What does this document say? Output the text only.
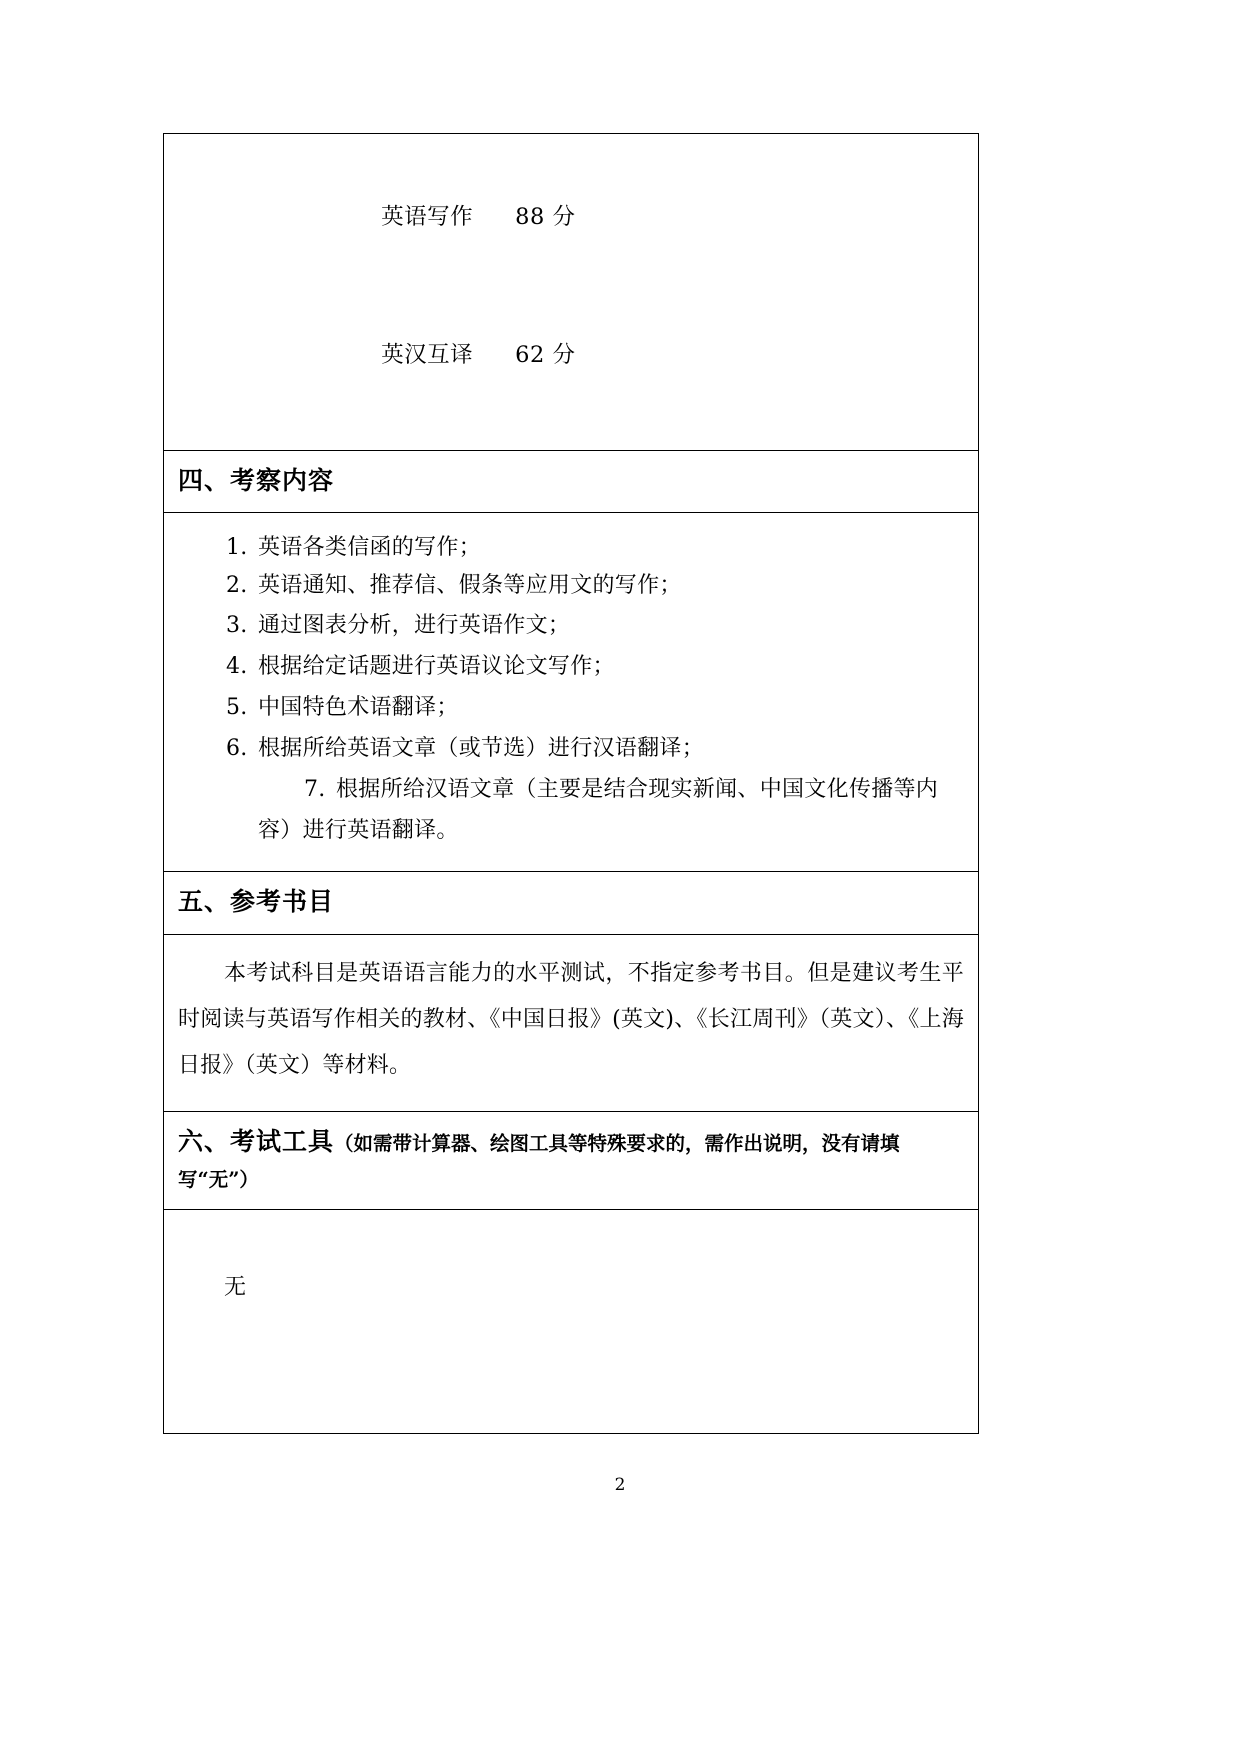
英语写作 88 分

英汉互译 62 分

四、考察内容

1. 英语各类信函的写作；
2. 英语通知、推荐信、假条等应用文的写作；
3. 通过图表分析，进行英语作文；
4. 根据给定话题进行英语议论文写作；
5. 中国特色术语翻译；
6. 根据所给英语文章（或节选）进行汉语翻译；
7. 根据所给汉语文章（主要是结合现实新闻、中国文化传播等内容）进行英语翻译。

五、参考书目

本考试科目是英语语言能力的水平测试，不指定参考书目。但是建议考生平时阅读与英语写作相关的教材、《中国日报》(英文)、《长江周刊》（英文）、《上海日报》（英文）等材料。

六、考试工具（如需带计算器、绘图工具等特殊要求的，需作出说明，没有请填写“无”）

无
2
